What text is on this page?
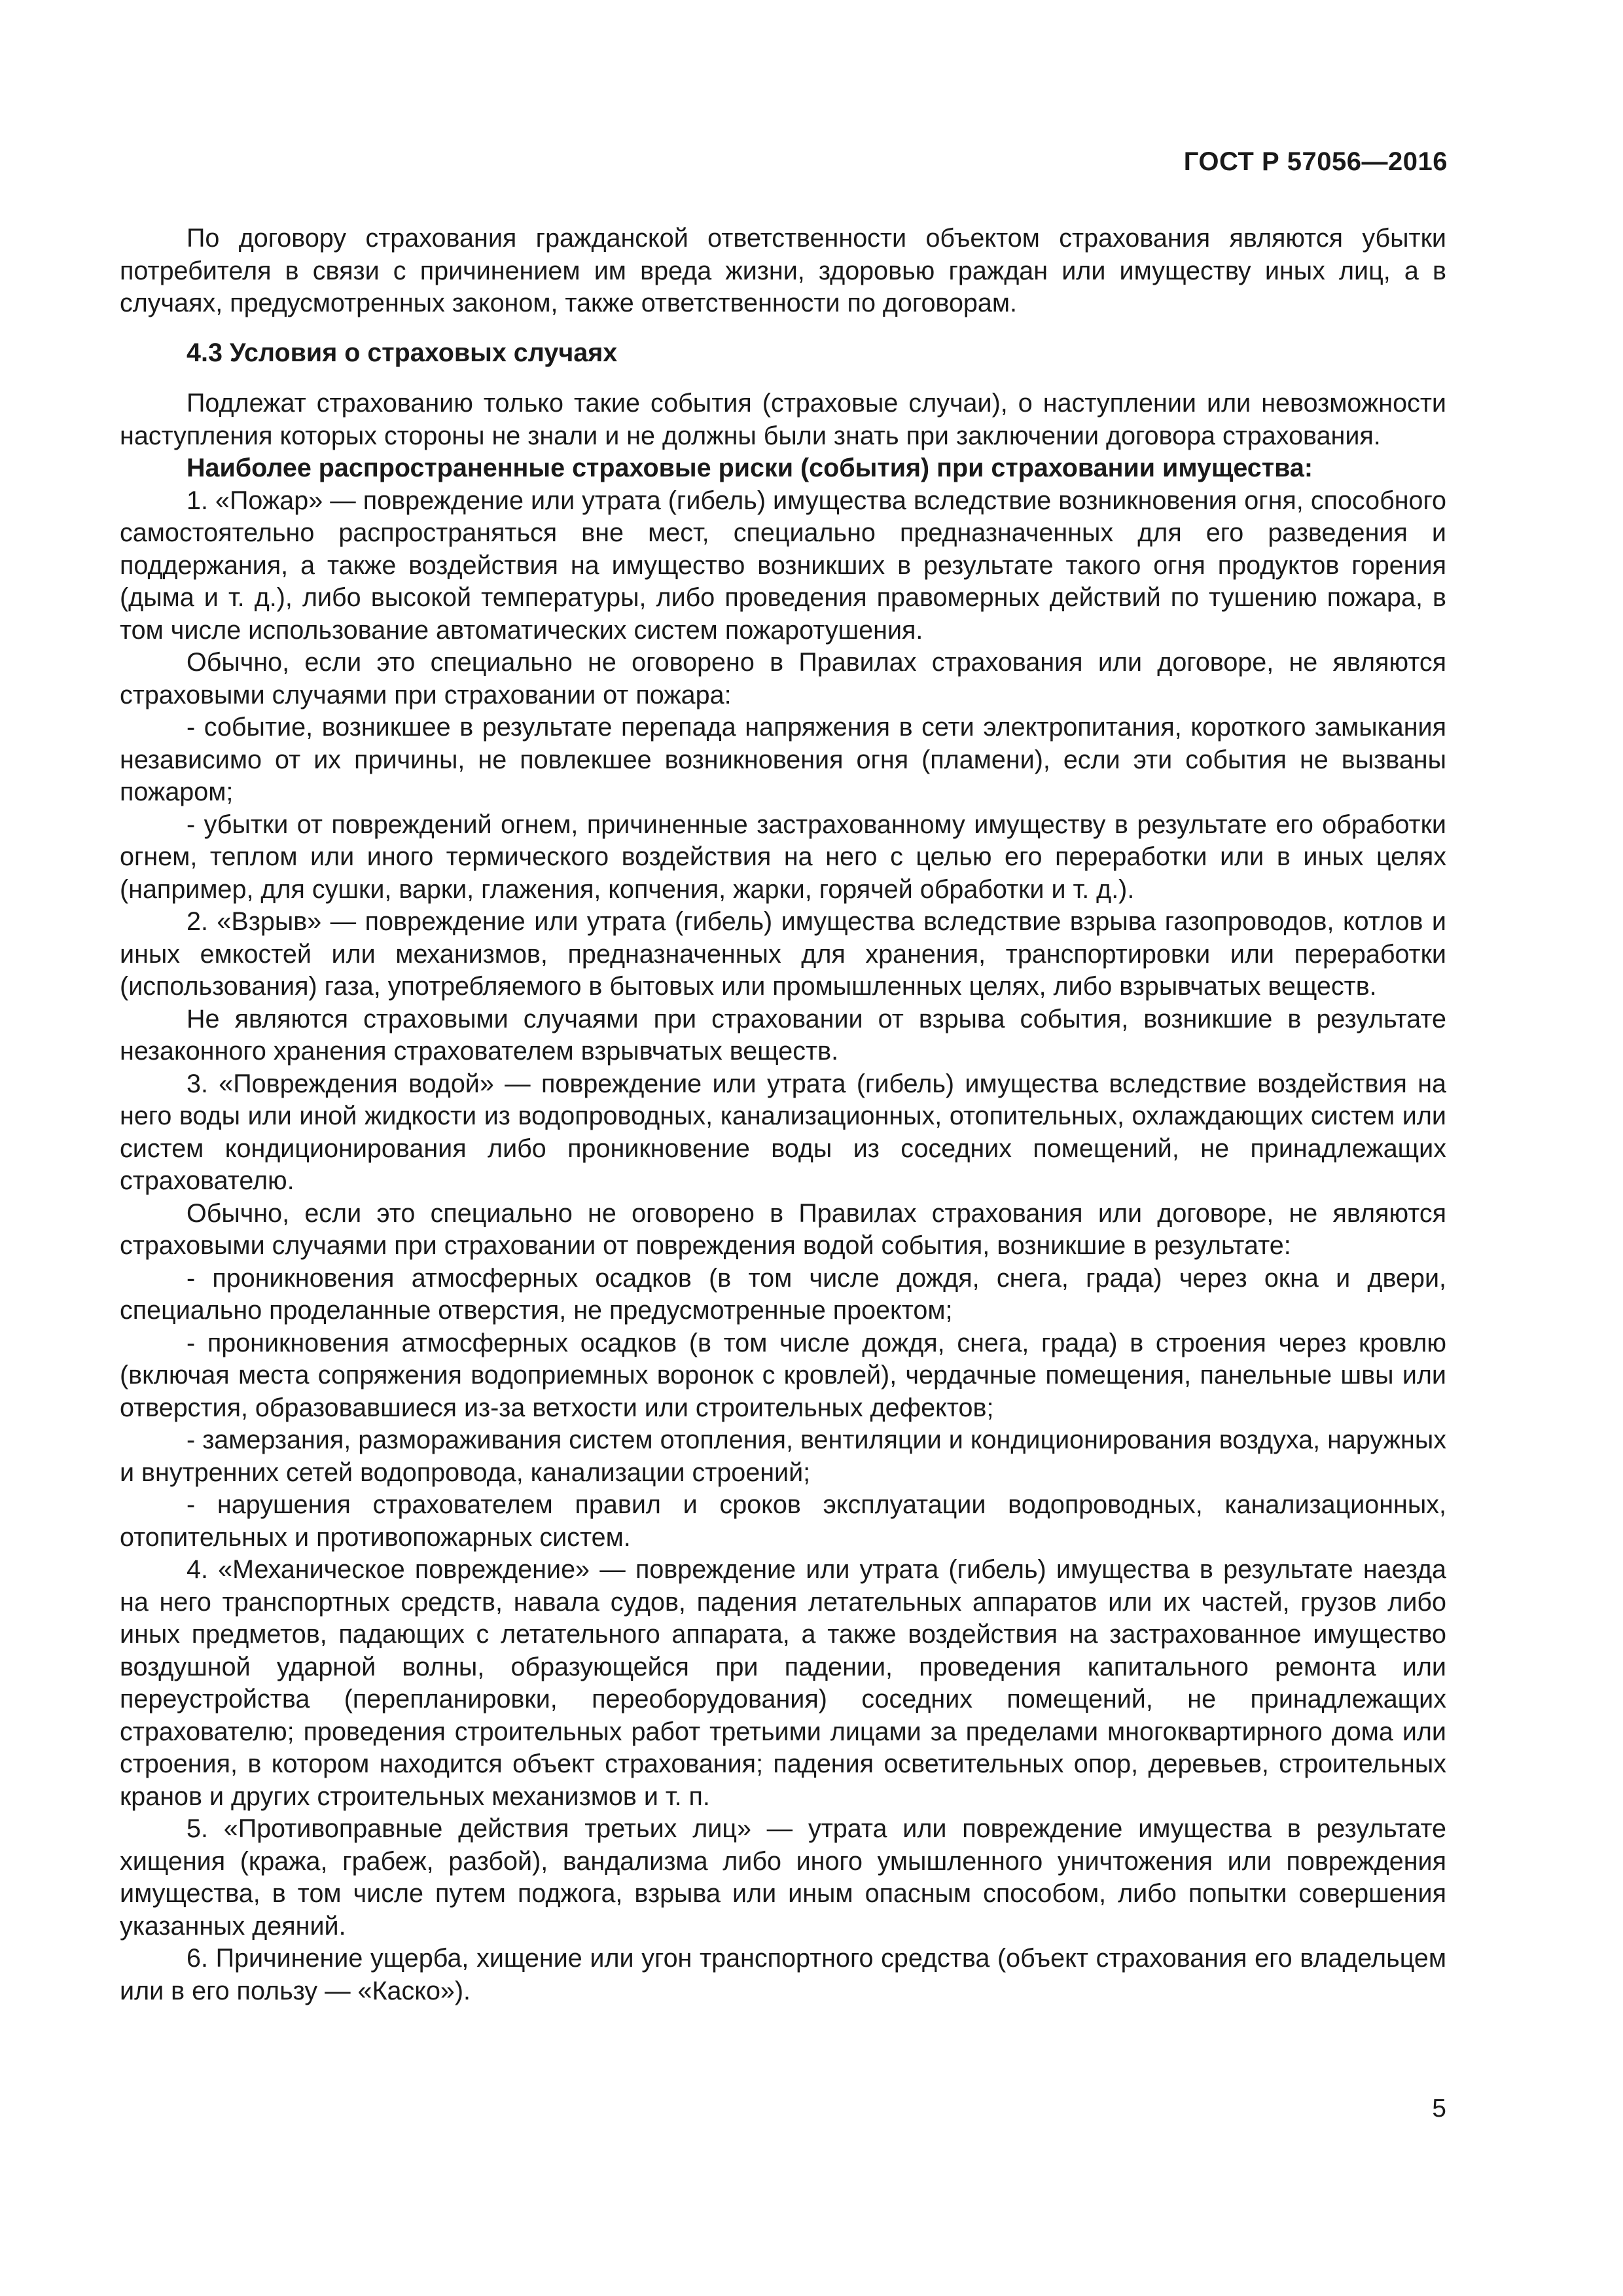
ГОСТ Р 57056—2016

По договору страхования гражданской ответственности объектом страхования являются убытки потребителя в связи с причинением им вреда жизни, здоровью граждан или имуществу иных лиц, а в случаях, предусмотренных законом, также ответственности по договорам.

4.3 Условия о страховых случаях

Подлежат страхованию только такие события (страховые случаи), о наступлении или невозможности наступления которых стороны не знали и не должны были знать при заключении договора страхования.

Наиболее распространенные страховые риски (события) при страховании имущества:

1. «Пожар» — повреждение или утрата (гибель) имущества вследствие возникновения огня, способного самостоятельно распространяться вне мест, специально предназначенных для его разведения и поддержания, а также воздействия на имущество возникших в результате такого огня продуктов горения (дыма и т. д.), либо высокой температуры, либо проведения правомерных действий по тушению пожара, в том числе использование автоматических систем пожаротушения.

Обычно, если это специально не оговорено в Правилах страхования или договоре, не являются страховыми случаями при страховании от пожара:

- событие, возникшее в результате перепада напряжения в сети электропитания, короткого замыкания независимо от их причины, не повлекшее возникновения огня (пламени), если эти события не вызваны пожаром;

- убытки от повреждений огнем, причиненные застрахованному имуществу в результате его обработки огнем, теплом или иного термического воздействия на него с целью его переработки или в иных целях (например, для сушки, варки, глажения, копчения, жарки, горячей обработки и т. д.).

2. «Взрыв» — повреждение или утрата (гибель) имущества вследствие взрыва газопроводов, котлов и иных емкостей или механизмов, предназначенных для хранения, транспортировки или переработки (использования) газа, употребляемого в бытовых или промышленных целях, либо взрывчатых веществ.

Не являются страховыми случаями при страховании от взрыва события, возникшие в результате незаконного хранения страхователем взрывчатых веществ.

3. «Повреждения водой» — повреждение или утрата (гибель) имущества вследствие воздействия на него воды или иной жидкости из водопроводных, канализационных, отопительных, охлаждающих систем или систем кондиционирования либо проникновение воды из соседних помещений, не принадлежащих страхователю.

Обычно, если это специально не оговорено в Правилах страхования или договоре, не являются страховыми случаями при страховании от повреждения водой события, возникшие в результате:

- проникновения атмосферных осадков (в том числе дождя, снега, града) через окна и двери, специально проделанные отверстия, не предусмотренные проектом;

- проникновения атмосферных осадков (в том числе дождя, снега, града) в строения через кровлю (включая места сопряжения водоприемных воронок с кровлей), чердачные помещения, панельные швы или отверстия, образовавшиеся из-за ветхости или строительных дефектов;

- замерзания, размораживания систем отопления, вентиляции и кондиционирования воздуха, наружных и внутренних сетей водопровода, канализации строений;

- нарушения страхователем правил и сроков эксплуатации водопроводных, канализационных, отопительных и противопожарных систем.

4. «Механическое повреждение» — повреждение или утрата (гибель) имущества в результате наезда на него транспортных средств, навала судов, падения летательных аппаратов или их частей, грузов либо иных предметов, падающих с летательного аппарата, а также воздействия на застрахованное имущество воздушной ударной волны, образующейся при падении, проведения капитального ремонта или переустройства (перепланировки, переоборудования) соседних помещений, не принадлежащих страхователю; проведения строительных работ третьими лицами за пределами многоквартирного дома или строения, в котором находится объект страхования; падения осветительных опор, деревьев, строительных кранов и других строительных механизмов и т. п.

5. «Противоправные действия третьих лиц» — утрата или повреждение имущества в результате хищения (кража, грабеж, разбой), вандализма либо иного умышленного уничтожения или повреждения имущества, в том числе путем поджога, взрыва или иным опасным способом, либо попытки совершения указанных деяний.

6. Причинение ущерба, хищение или угон транспортного средства (объект страхования его владельцем или в его пользу — «Каско»).

5
